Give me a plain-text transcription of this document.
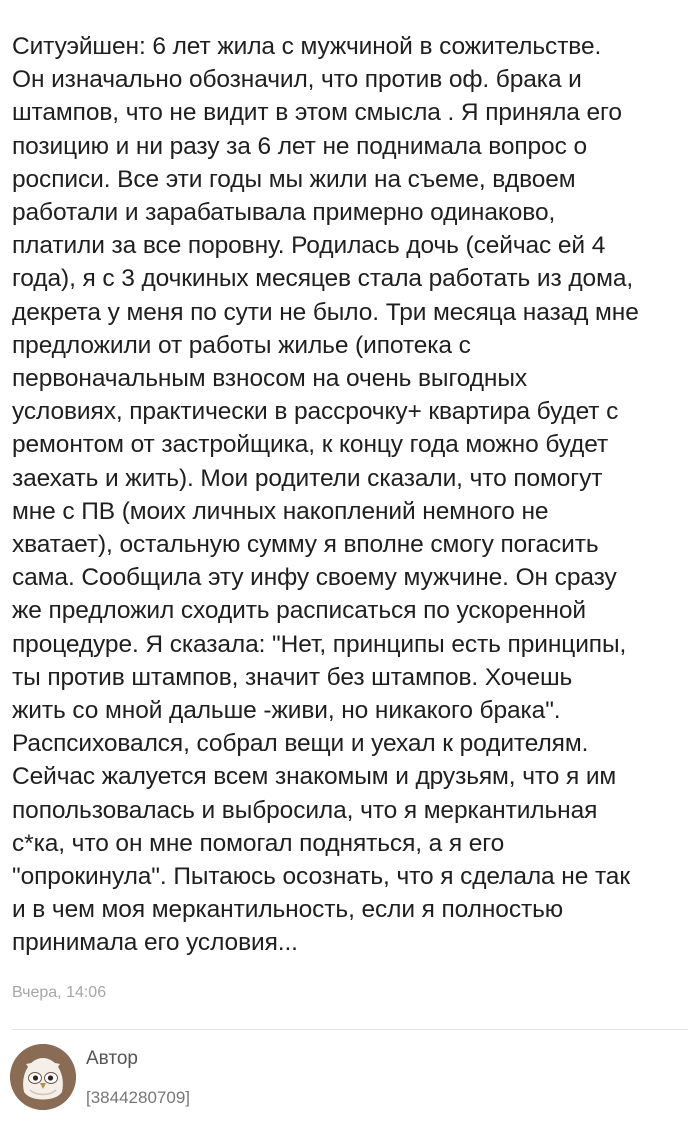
Ситуэйшен: 6 лет жила с мужчиной в сожительстве.
Он изначально обозначил, что против оф. брака и
штампов, что не видит в этом смысла . Я приняла его
позицию и ни разу за 6 лет не поднимала вопрос о
росписи. Все эти годы мы жили на съеме, вдвоем
работали и зарабатывала примерно одинаково,
платили за все поровну. Родилась дочь (сейчас ей 4
года), я с 3 дочкиных месяцев стала работать из дома,
декрета у меня по сути не было. Три месяца назад мне
предложили от работы жилье (ипотека с
первоначальным взносом на очень выгодных
условиях, практически в рассрочку+ квартира будет с
ремонтом от застройщика, к концу года можно будет
заехать и жить). Мои родители сказали, что помогут
мне с ПВ (моих личных накоплений немного не
хватает), остальную сумму я вполне смогу погасить
сама. Сообщила эту инфу своему мужчине. Он сразу
же предложил сходить расписаться по ускоренной
процедуре. Я сказала: "Нет, принципы есть принципы,
ты против штампов, значит без штампов. Хочешь
жить со мной дальше -живи, но никакого брака".
Распсиховался, собрал вещи и уехал к родителям.
Сейчас жалуется всем знакомым и друзьям, что я им
попользовалась и выбросила, что я меркантильная
с*ка, что он мне помогал подняться, а я его
"опрокинула". Пытаюсь осознать, что я сделала не так
и в чем моя меркантильность, если я полностью
принимала его условия...
Вчера, 14:06
Автор
[3844280709]
